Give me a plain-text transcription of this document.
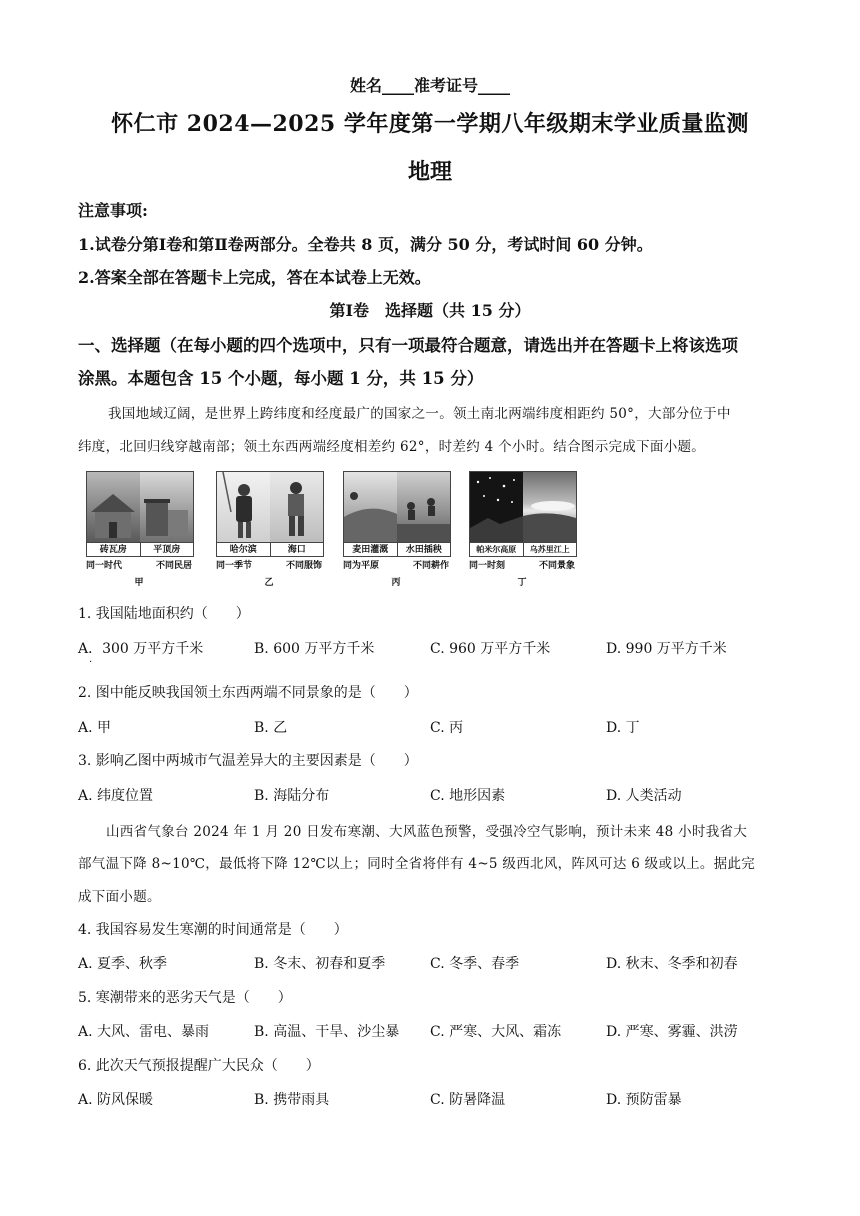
姓名____准考证号____
怀仁市 2024—2025 学年度第一学期八年级期末学业质量监测
地理
注意事项:
1.试卷分第Ⅰ卷和第Ⅱ卷两部分。全卷共 8 页，满分 50 分，考试时间 60 分钟。
2.答案全部在答题卡上完成，答在本试卷上无效。
第Ⅰ卷　选择题（共 15 分）
一、选择题（在每小题的四个选项中，只有一项最符合题意，请选出并在答题卡上将该选项
涂黑。本题包含 15 个小题，每小题 1 分，共 15 分）
我国地域辽阔，是世界上跨纬度和经度最广的国家之一。领土南北两端纬度相距约 50°，大部分位于中
纬度，北回归线穿越南部；领土东西两端经度相差约 62°，时差约 4 个小时。结合图示完成下面小题。
砖瓦房	平顶房
同一时代	不同民居
甲
哈尔滨	海口
同一季节	不同服饰
乙
麦田灌溉	水田插秧
同为平原	不同耕作
丙
帕米尔高原	乌苏里江上
同一时刻	不同景象
丁
1. 我国陆地面积约（　　）
A．300 万平方千米	B. 600 万平方千米	C. 960 万平方千米	D. 990 万平方千米
·
2. 图中能反映我国领土东西两端不同景象的是（　　）
A. 甲	B. 乙	C. 丙	D. 丁
3. 影响乙图中两城市气温差异大的主要因素是（　　）
A. 纬度位置	B. 海陆分布	C. 地形因素	D. 人类活动
山西省气象台 2024 年 1 月 20 日发布寒潮、大风蓝色预警，受强冷空气影响，预计未来 48 小时我省大
部气温下降 8~10℃，最低将下降 12℃以上；同时全省将伴有 4~5 级西北风，阵风可达 6 级或以上。据此完
成下面小题。
4. 我国容易发生寒潮的时间通常是（　　）
A. 夏季、秋季	B. 冬末、初春和夏季	C. 冬季、春季	D. 秋末、冬季和初春
5. 寒潮带来的恶劣天气是（　　）
A. 大风、雷电、暴雨	B. 高温、干旱、沙尘暴 C. 严寒、大风、霜冻	D. 严寒、雾霾、洪涝
6. 此次天气预报提醒广大民众（　　）
A. 防风保暖	B. 携带雨具	C. 防暑降温	D. 预防雷暴
